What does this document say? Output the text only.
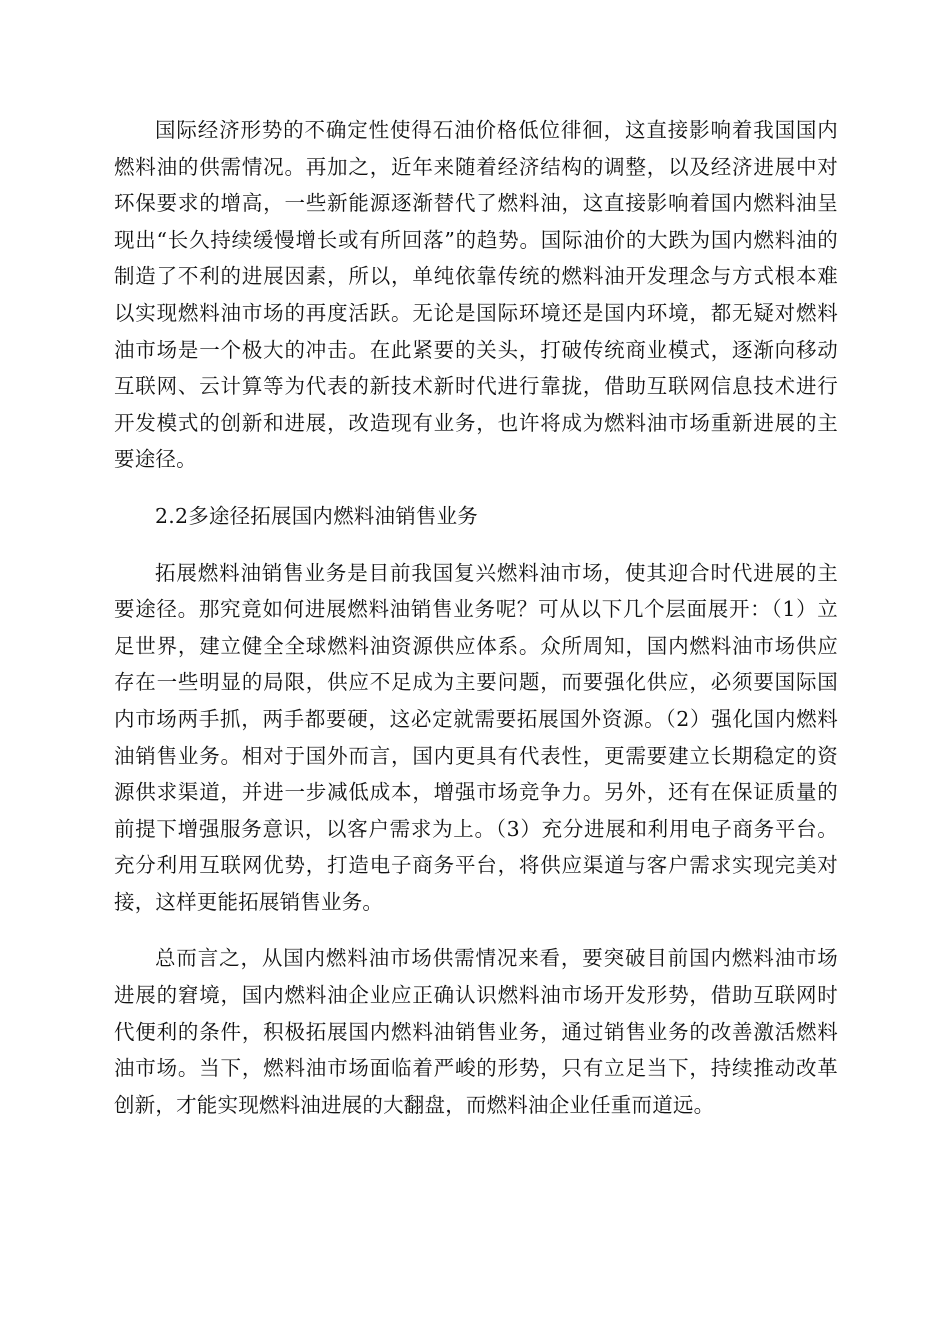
国际经济形势的不确定性使得石油价格低位徘徊，这直接影响着我国国内燃料油的供需情况。再加之，近年来随着经济结构的调整，以及经济进展中对环保要求的增高，一些新能源逐渐替代了燃料油，这直接影响着国内燃料油呈现出“长久持续缓慢增长或有所回落”的趋势。国际油价的大跌为国内燃料油的制造了不利的进展因素，所以，单纯依靠传统的燃料油开发理念与方式根本难以实现燃料油市场的再度活跃。无论是国际环境还是国内环境，都无疑对燃料油市场是一个极大的冲击。在此紧要的关头，打破传统商业模式，逐渐向移动互联网、云计算等为代表的新技术新时代进行靠拢，借助互联网信息技术进行开发模式的创新和进展，改造现有业务，也许将成为燃料油市场重新进展的主要途径。

2.2多途径拓展国内燃料油销售业务

拓展燃料油销售业务是目前我国复兴燃料油市场，使其迎合时代进展的主要途径。那究竟如何进展燃料油销售业务呢？可从以下几个层面展开：（1）立足世界，建立健全全球燃料油资源供应体系。众所周知，国内燃料油市场供应存在一些明显的局限，供应不足成为主要问题，而要强化供应，必须要国际国内市场两手抓，两手都要硬，这必定就需要拓展国外资源。（2）强化国内燃料油销售业务。相对于国外而言，国内更具有代表性，更需要建立长期稳定的资源供求渠道，并进一步减低成本，增强市场竞争力。另外，还有在保证质量的前提下增强服务意识，以客户需求为上。（3）充分进展和利用电子商务平台。充分利用互联网优势，打造电子商务平台，将供应渠道与客户需求实现完美对接，这样更能拓展销售业务。

总而言之，从国内燃料油市场供需情况来看，要突破目前国内燃料油市场进展的窘境，国内燃料油企业应正确认识燃料油市场开发形势，借助互联网时代便利的条件，积极拓展国内燃料油销售业务，通过销售业务的改善激活燃料油市场。当下，燃料油市场面临着严峻的形势，只有立足当下，持续推动改革创新，才能实现燃料油进展的大翻盘，而燃料油企业任重而道远。
